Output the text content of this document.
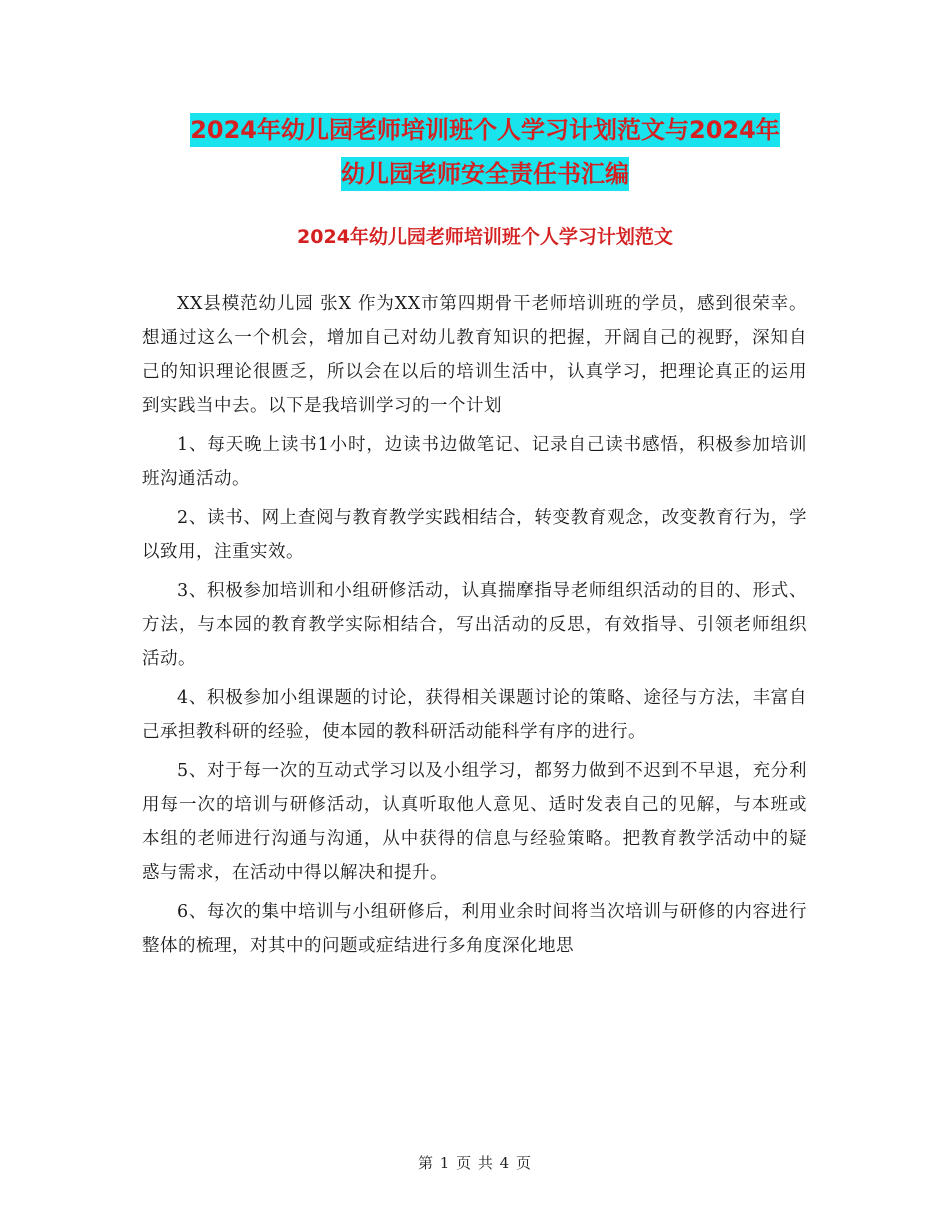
2024年幼儿园老师培训班个人学习计划范文与2024年
幼儿园老师安全责任书汇编
2024年幼儿园老师培训班个人学习计划范文

XX县模范幼儿园 张X 作为XX市第四期骨干老师培训班的学员，感到很荣幸。想通过这么一个机会，增加自己对幼儿教育知识的把握，开阔自己的视野，深知自己的知识理论很匮乏，所以会在以后的培训生活中，认真学习，把理论真正的运用到实践当中去。以下是我培训学习的一个计划

1、每天晚上读书1小时，边读书边做笔记、记录自己读书感悟，积极参加培训班沟通活动。

2、读书、网上查阅与教育教学实践相结合，转变教育观念，改变教育行为，学以致用，注重实效。

3、积极参加培训和小组研修活动，认真揣摩指导老师组织活动的目的、形式、方法，与本园的教育教学实际相结合，写出活动的反思，有效指导、引领老师组织活动。

4、积极参加小组课题的讨论，获得相关课题讨论的策略、途径与方法，丰富自己承担教科研的经验，使本园的教科研活动能科学有序的进行。

5、对于每一次的互动式学习以及小组学习，都努力做到不迟到不早退，充分利用每一次的培训与研修活动，认真听取他人意见、适时发表自己的见解，与本班或本组的老师进行沟通与沟通，从中获得的信息与经验策略。把教育教学活动中的疑惑与需求，在活动中得以解决和提升。

6、每次的集中培训与小组研修后，利用业余时间将当次培训与研修的内容进行整体的梳理，对其中的问题或症结进行多角度深化地思

第 1 页 共 4 页
